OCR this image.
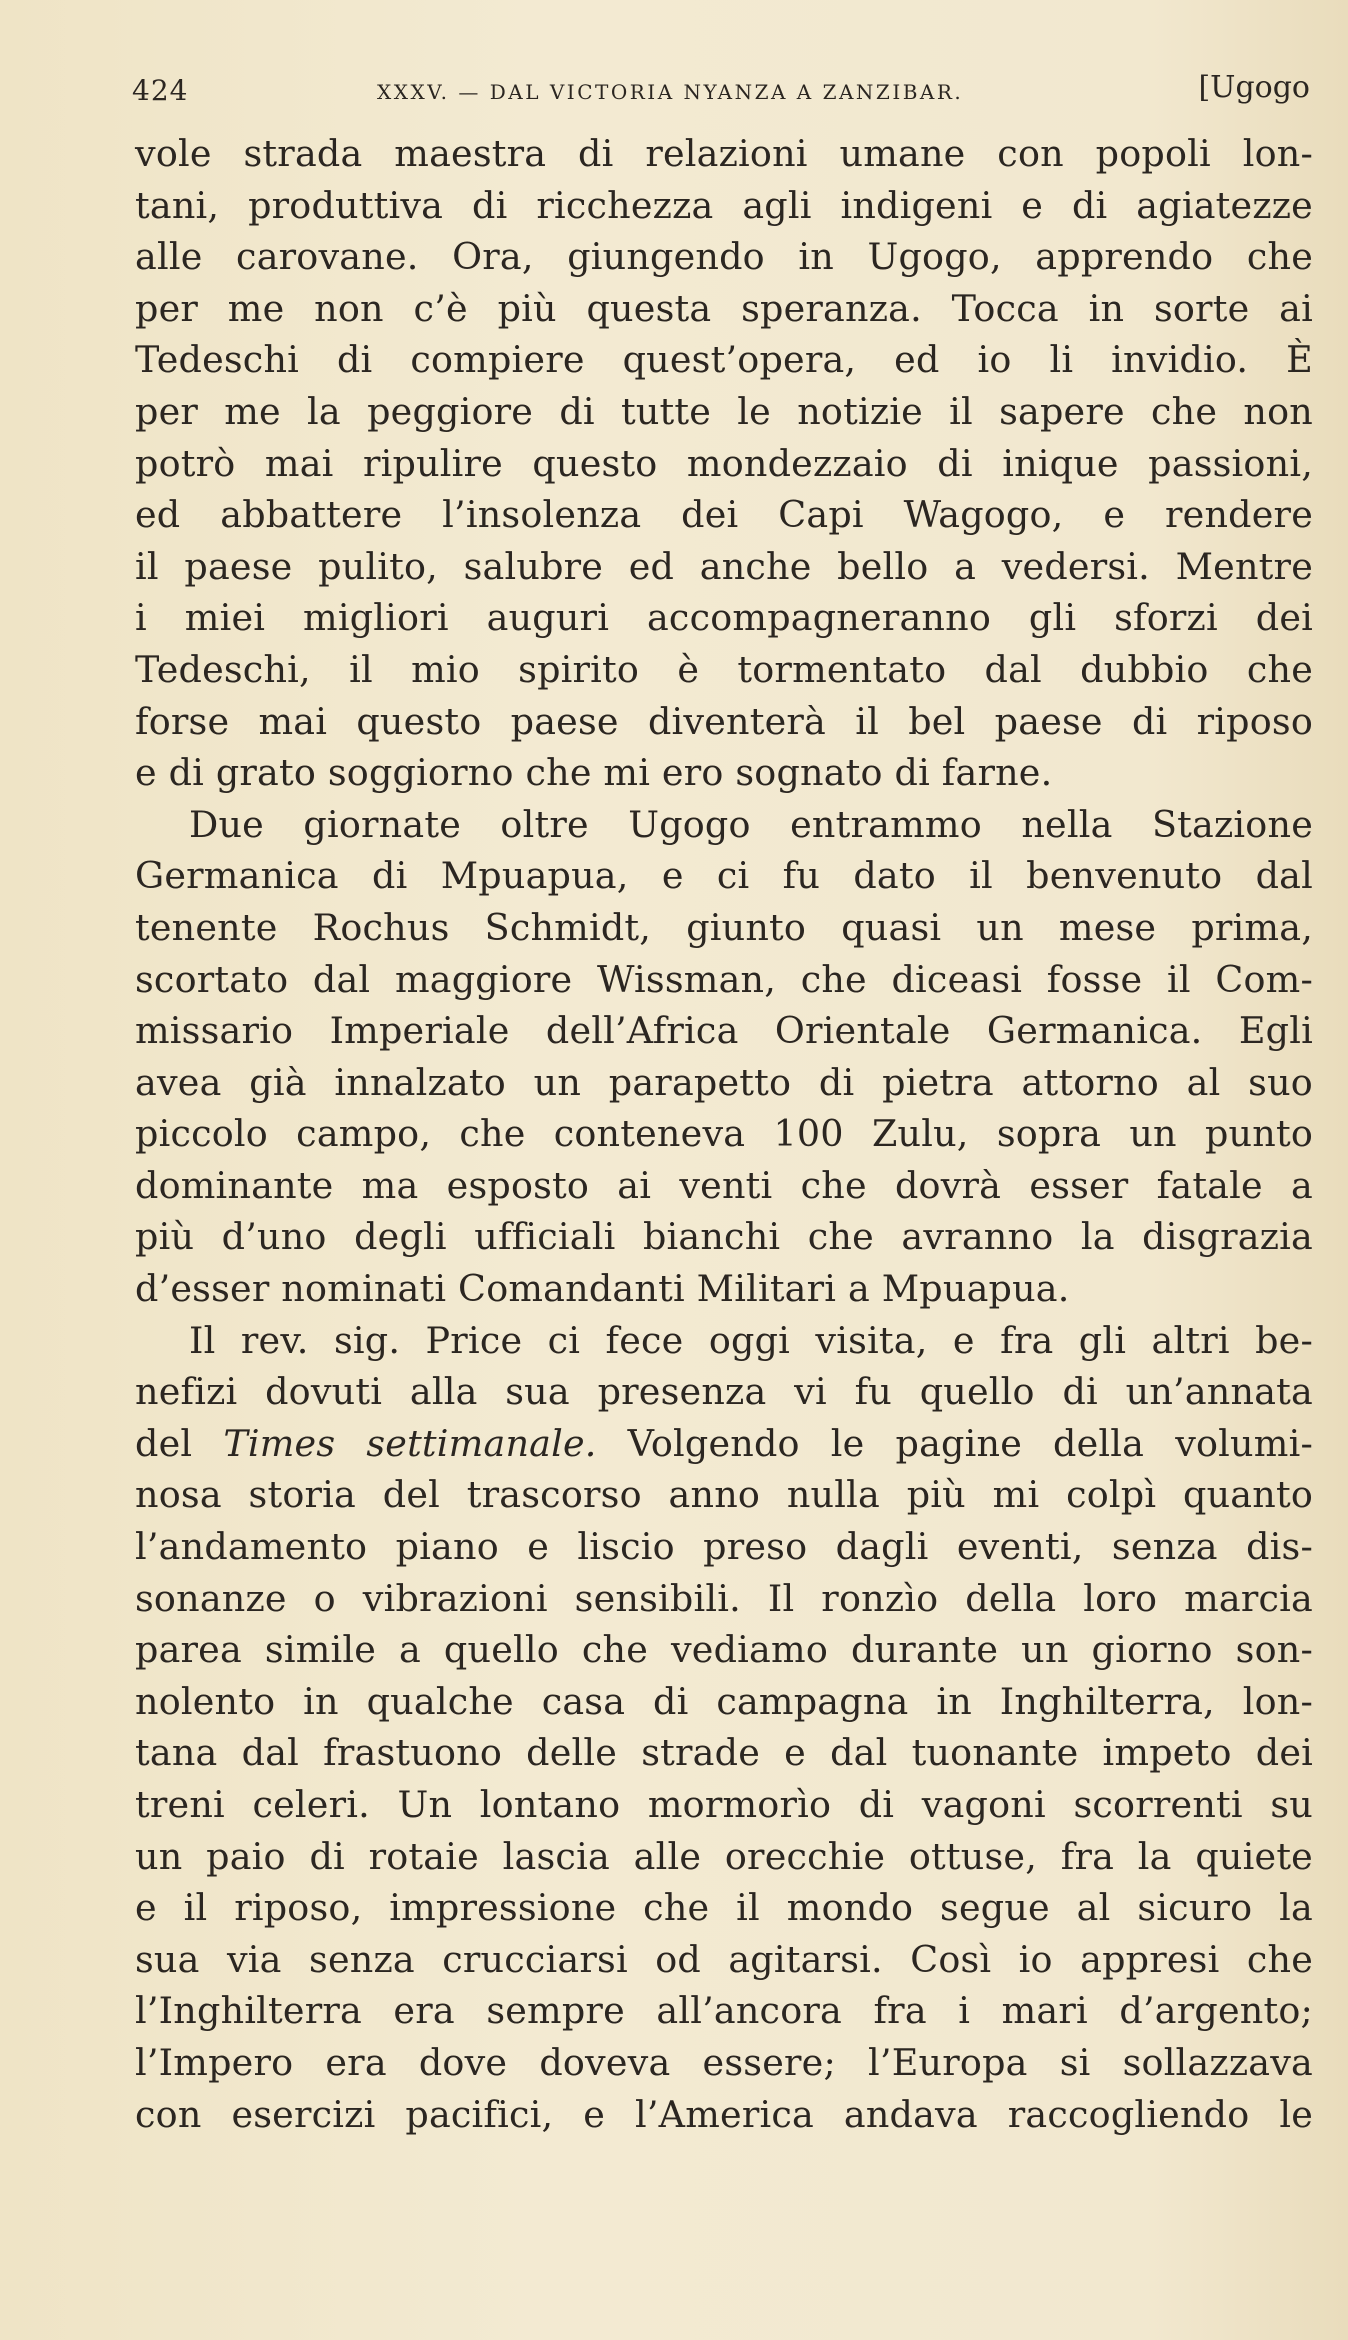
424	XXXV. — DAL VICTORIA NYANZA A ZANZIBAR.	[Ugogo
vole strada maestra di relazioni umane con popoli lon-
tani, produttiva di ricchezza agli indigeni e di agiatezze
alle carovane. Ora, giungendo in Ugogo, apprendo che
per me non c’è più questa speranza. Tocca in sorte ai
Tedeschi di compiere quest’opera, ed io li invidio. È
per me la peggiore di tutte le notizie il sapere che non
potrò mai ripulire questo mondezzaio di inique passioni,
ed abbattere l’insolenza dei Capi Wagogo, e rendere
il paese pulito, salubre ed anche bello a vedersi. Mentre
i miei migliori auguri accompagneranno gli sforzi dei
Tedeschi, il mio spirito è tormentato dal dubbio che
forse mai questo paese diventerà il bel paese di riposo
e di grato soggiorno che mi ero sognato di farne.
Due giornate oltre Ugogo entrammo nella Stazione
Germanica di Mpuapua, e ci fu dato il benvenuto dal
tenente Rochus Schmidt, giunto quasi un mese prima,
scortato dal maggiore Wissman, che diceasi fosse il Com-
missario Imperiale dell’Africa Orientale Germanica. Egli
avea già innalzato un parapetto di pietra attorno al suo
piccolo campo, che conteneva 100 Zulu, sopra un punto
dominante ma esposto ai venti che dovrà esser fatale a
più d’uno degli ufficiali bianchi che avranno la disgrazia
d’esser nominati Comandanti Militari a Mpuapua.
Il rev. sig. Price ci fece oggi visita, e fra gli altri be-
nefizi dovuti alla sua presenza vi fu quello di un’annata
del Times settimanale. Volgendo le pagine della volumi-
nosa storia del trascorso anno nulla più mi colpì quanto
l’andamento piano e liscio preso dagli eventi, senza dis-
sonanze o vibrazioni sensibili. Il ronzìo della loro marcia
parea simile a quello che vediamo durante un giorno son-
nolento in qualche casa di campagna in Inghilterra, lon-
tana dal frastuono delle strade e dal tuonante impeto dei
treni celeri. Un lontano mormorìo di vagoni scorrenti su
un paio di rotaie lascia alle orecchie ottuse, fra la quiete
e il riposo, impressione che il mondo segue al sicuro la
sua via senza crucciarsi od agitarsi. Così io appresi che
l’Inghilterra era sempre all’ancora fra i mari d’argento;
l’Impero era dove doveva essere; l’Europa si sollazzava
con esercizi pacifici, e l’America andava raccogliendo le
